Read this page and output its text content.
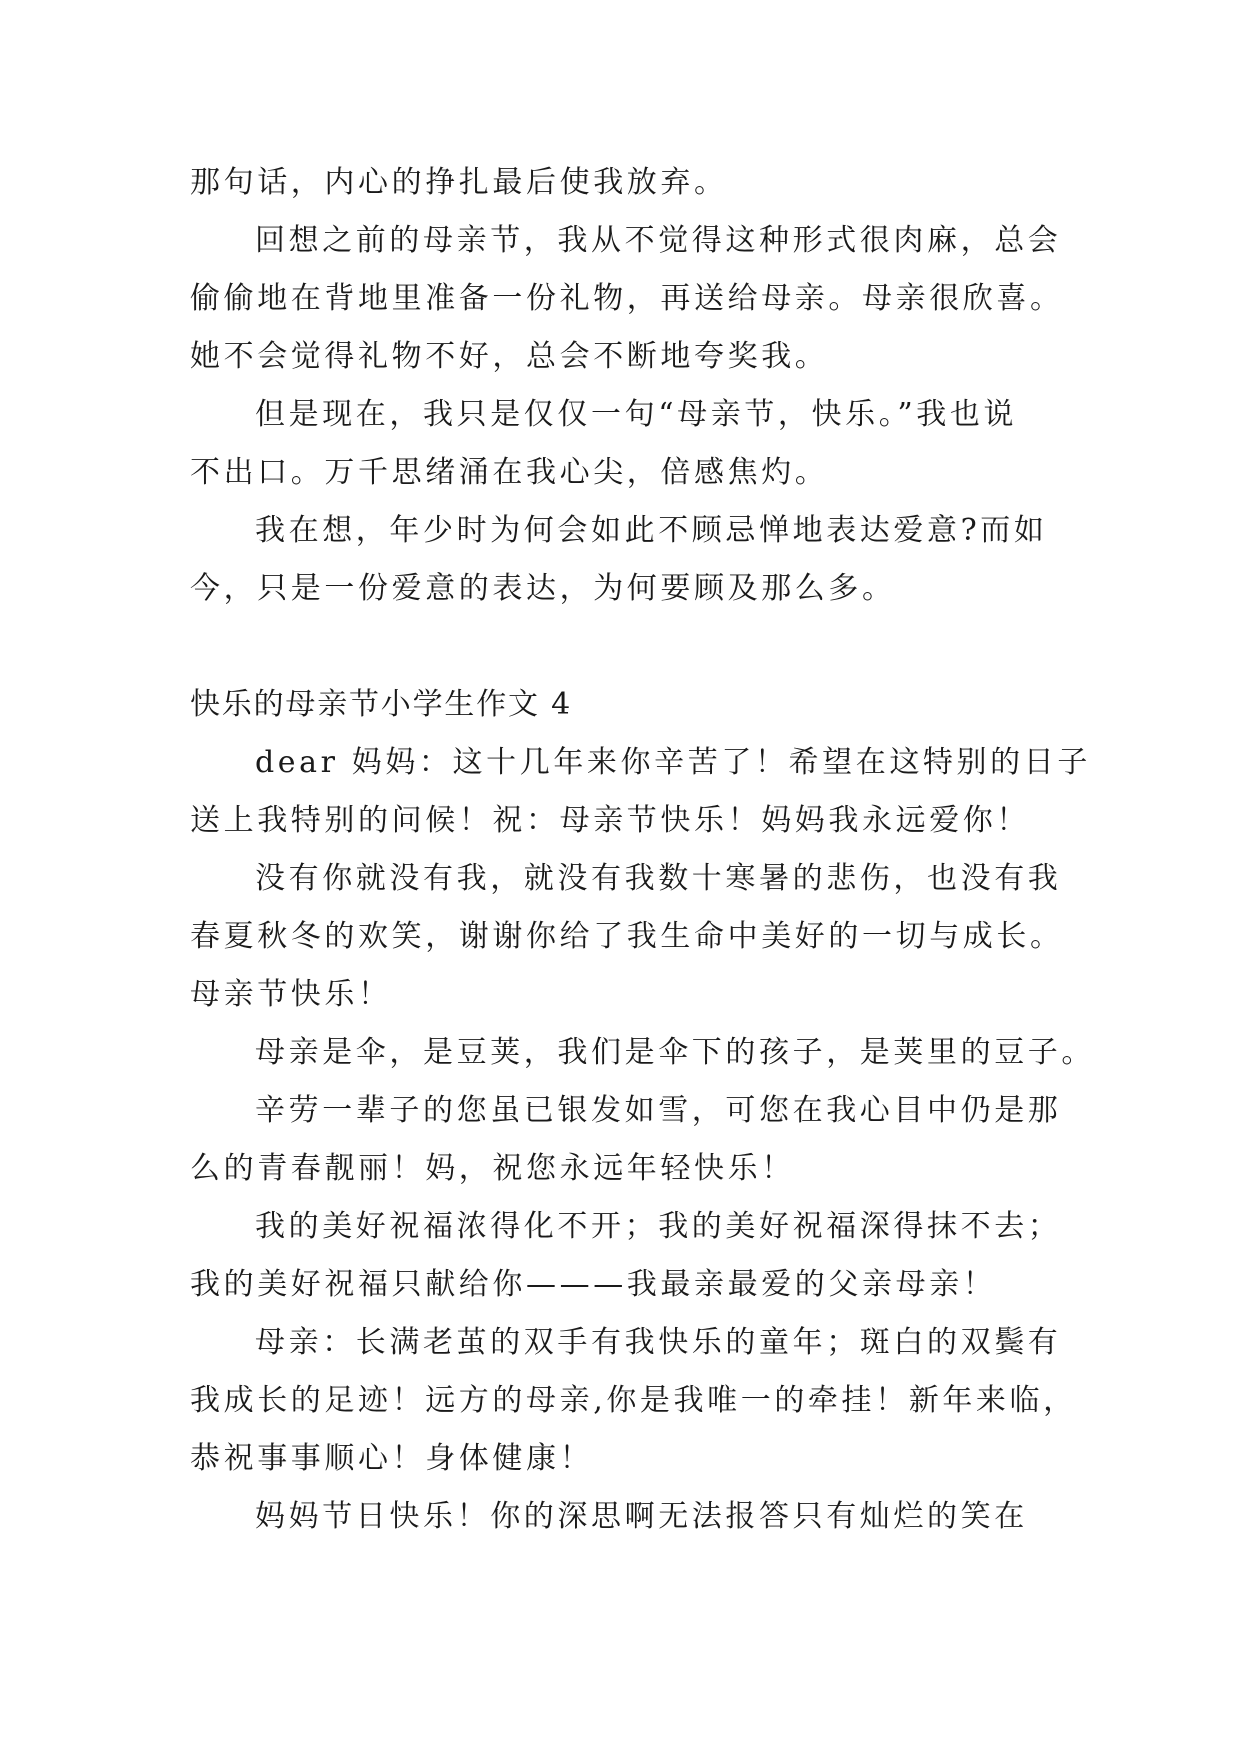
那句话，内心的挣扎最后使我放弃。
回想之前的母亲节，我从不觉得这种形式很肉麻，总会
偷偷地在背地里准备一份礼物，再送给母亲。母亲很欣喜。
她不会觉得礼物不好，总会不断地夸奖我。
但是现在，我只是仅仅一句“母亲节，快乐。”我也说
不出口。万千思绪涌在我心尖，倍感焦灼。
我在想，年少时为何会如此不顾忌惮地表达爱意?而如
今，只是一份爱意的表达，为何要顾及那么多。
快乐的母亲节小学生作文 4
dear 妈妈：这十几年来你辛苦了！希望在这特别的日子
送上我特别的问候！祝：母亲节快乐！妈妈我永远爱你！
没有你就没有我，就没有我数十寒暑的悲伤，也没有我
春夏秋冬的欢笑，谢谢你给了我生命中美好的一切与成长。
母亲节快乐！
母亲是伞，是豆荚，我们是伞下的孩子，是荚里的豆子。
辛劳一辈子的您虽已银发如雪，可您在我心目中仍是那
么的青春靓丽！妈，祝您永远年轻快乐！
我的美好祝福浓得化不开；我的美好祝福深得抹不去；
我的美好祝福只献给你———我最亲最爱的父亲母亲！
母亲：长满老茧的双手有我快乐的童年；斑白的双鬓有
我成长的足迹！远方的母亲,你是我唯一的牵挂！新年来临，
恭祝事事顺心！身体健康！
妈妈节日快乐！你的深思啊无法报答只有灿烂的笑在
